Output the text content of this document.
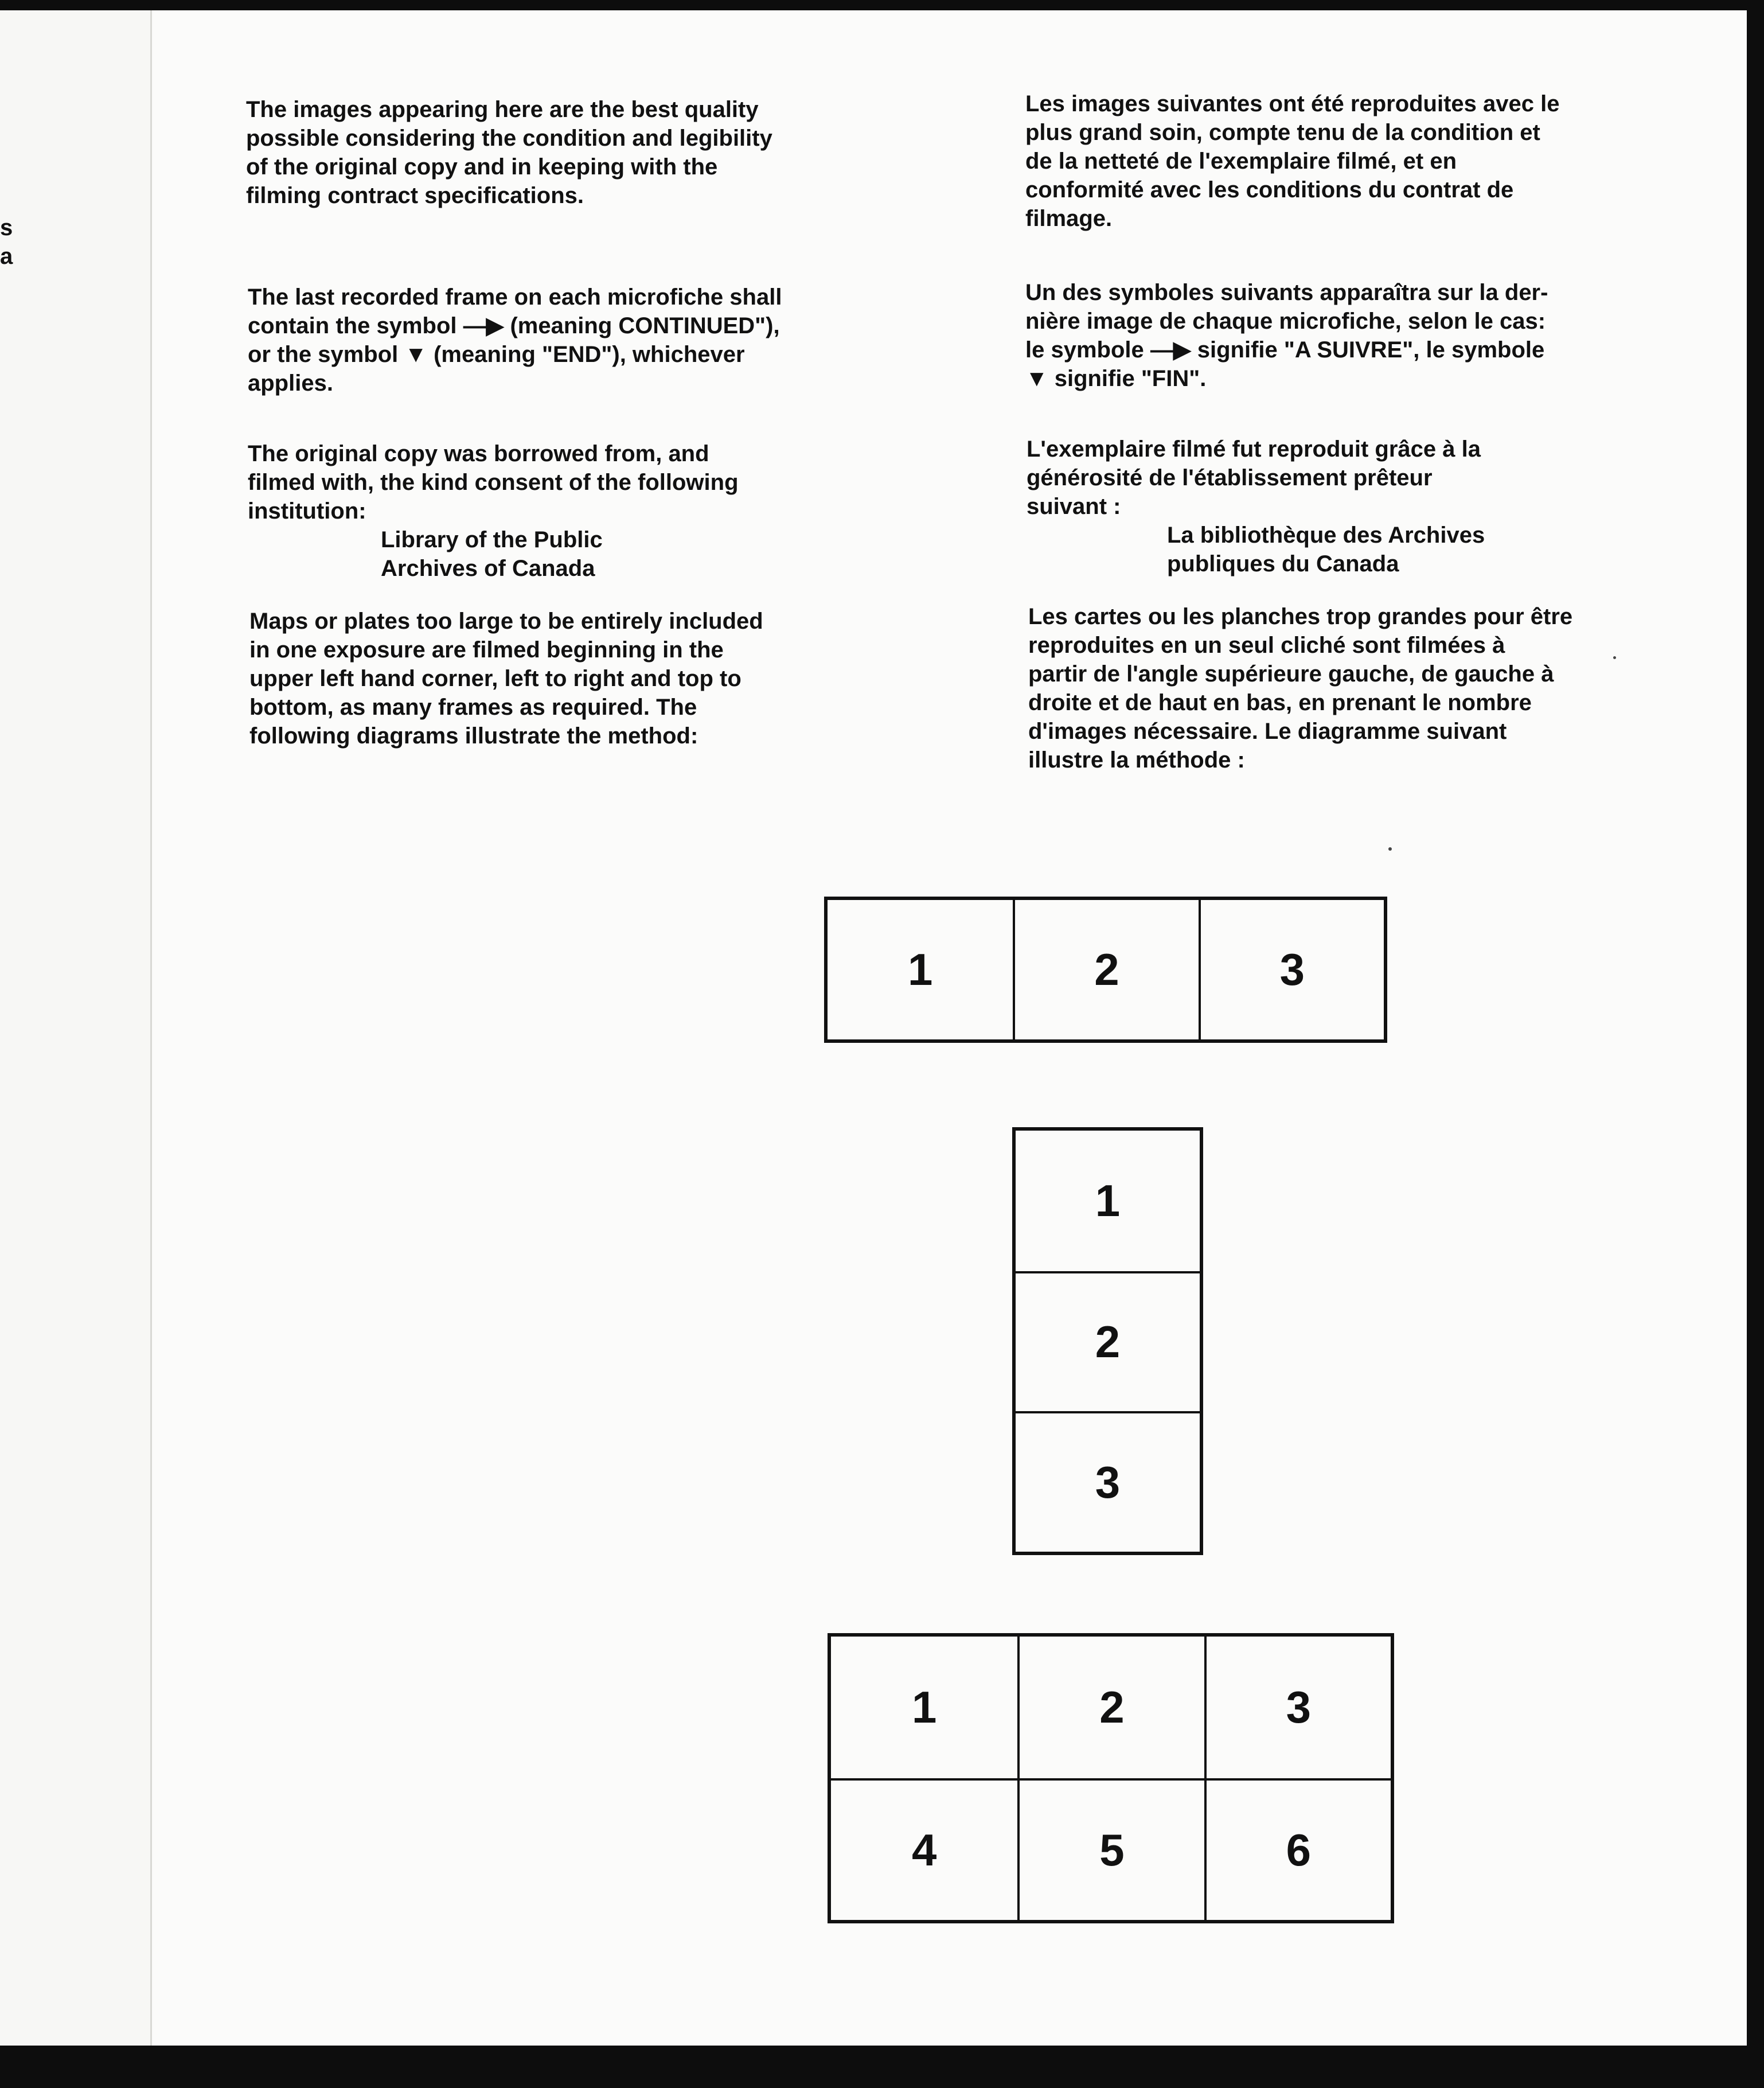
s
a

The images appearing here are the best quality

possible considering the condition and legibility

of the original copy and in keeping with the

filming contract specifications.

The last recorded frame on each microfiche shall

contain the symbol —▶ (meaning CONTINUED"),

or the symbol ▼ (meaning "END"), whichever

applies.

The original copy was borrowed from, and

filmed with, the kind consent of the following

institution:

Library of the Public

Archives of Canada

Maps or plates too large to be entirely included

in one exposure are filmed beginning in the

upper left hand corner, left to right and top to

bottom, as many frames as required. The

following diagrams illustrate the method:

Les images suivantes ont été reproduites avec le

plus grand soin, compte tenu de la condition et

de la netteté de l'exemplaire filmé, et en

conformité avec les conditions du contrat de

filmage.

Un des symboles suivants apparaîtra sur la der-

nière image de chaque microfiche, selon le cas:

le symbole —▶ signifie "A SUIVRE", le symbole

▼ signifie "FIN".

L'exemplaire filmé fut reproduit grâce à la

générosité de l'établissement prêteur

suivant :

La bibliothèque des Archives

publiques du Canada

Les cartes ou les planches trop grandes pour être

reproduites en un seul cliché sont filmées à

partir de l'angle supérieure gauche, de gauche à

droite et de haut en bas, en prenant le nombre

d'images nécessaire. Le diagramme suivant

illustre la méthode :

1	2	3
1
2
3
1	2	3
4	5	6
